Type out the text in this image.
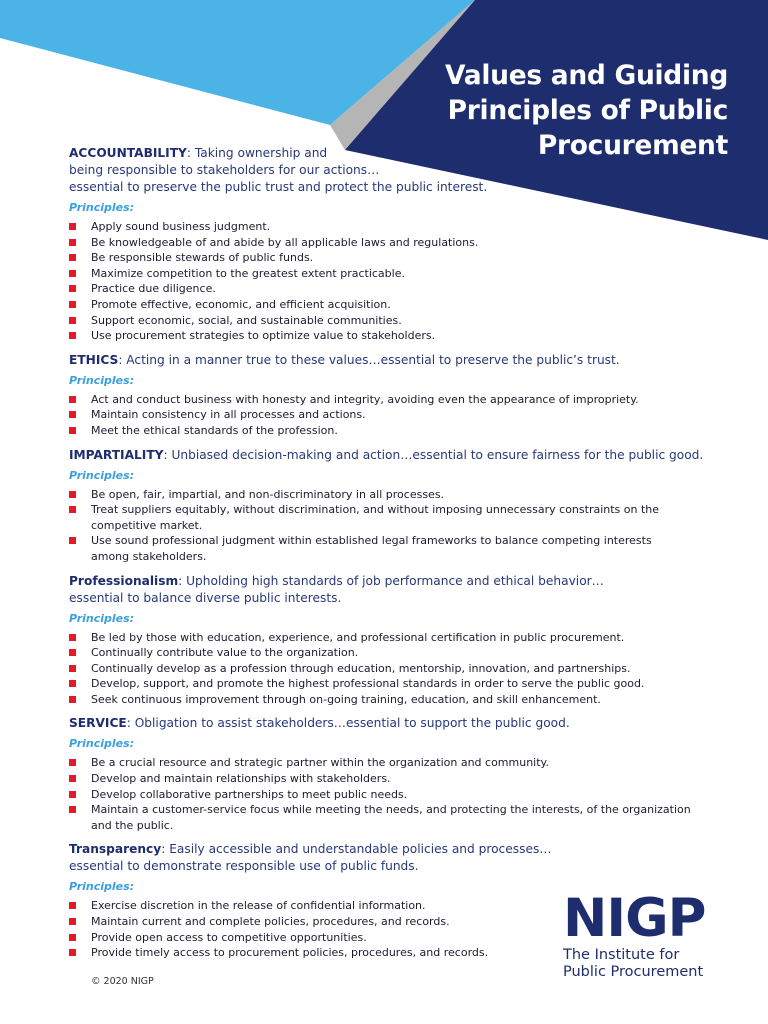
Values and Guiding
Principles of Public
Procurement
ACCOUNTABILITY: Taking ownership and
being responsible to stakeholders for our actions…
essential to preserve the public trust and protect the public interest.
Principles:
Apply sound business judgment.
Be knowledgeable of and abide by all applicable laws and regulations.
Be responsible stewards of public funds.
Maximize competition to the greatest extent practicable.
Practice due diligence.
Promote effective, economic, and efficient acquisition.
Support economic, social, and sustainable communities.
Use procurement strategies to optimize value to stakeholders.
ETHICS: Acting in a manner true to these values…essential to preserve the public’s trust.
Principles:
Act and conduct business with honesty and integrity, avoiding even the appearance of impropriety.
Maintain consistency in all processes and actions.
Meet the ethical standards of the profession.
IMPARTIALITY: Unbiased decision-making and action…essential to ensure fairness for the public good.
Principles:
Be open, fair, impartial, and non-discriminatory in all processes.
Treat suppliers equitably, without discrimination, and without imposing unnecessary constraints on the competitive market.
Use sound professional judgment within established legal frameworks to balance competing interests among stakeholders.
Professionalism: Upholding high standards of job performance and ethical behavior…
essential to balance diverse public interests.
Principles:
Be led by those with education, experience, and professional certification in public procurement.
Continually contribute value to the organization.
Continually develop as a profession through education, mentorship, innovation, and partnerships.
Develop, support, and promote the highest professional standards in order to serve the public good.
Seek continuous improvement through on-going training, education, and skill enhancement.
SERVICE: Obligation to assist stakeholders…essential to support the public good.
Principles:
Be a crucial resource and strategic partner within the organization and community.
Develop and maintain relationships with stakeholders.
Develop collaborative partnerships to meet public needs.
Maintain a customer-service focus while meeting the needs, and protecting the interests, of the organization and the public.
Transparency: Easily accessible and understandable policies and processes…
essential to demonstrate responsible use of public funds.
Principles:
Exercise discretion in the release of confidential information.
Maintain current and complete policies, procedures, and records.
Provide open access to competitive opportunities.
Provide timely access to procurement policies, procedures, and records.
© 2020 NIGP
NIGP
The Institute for
Public Procurement
